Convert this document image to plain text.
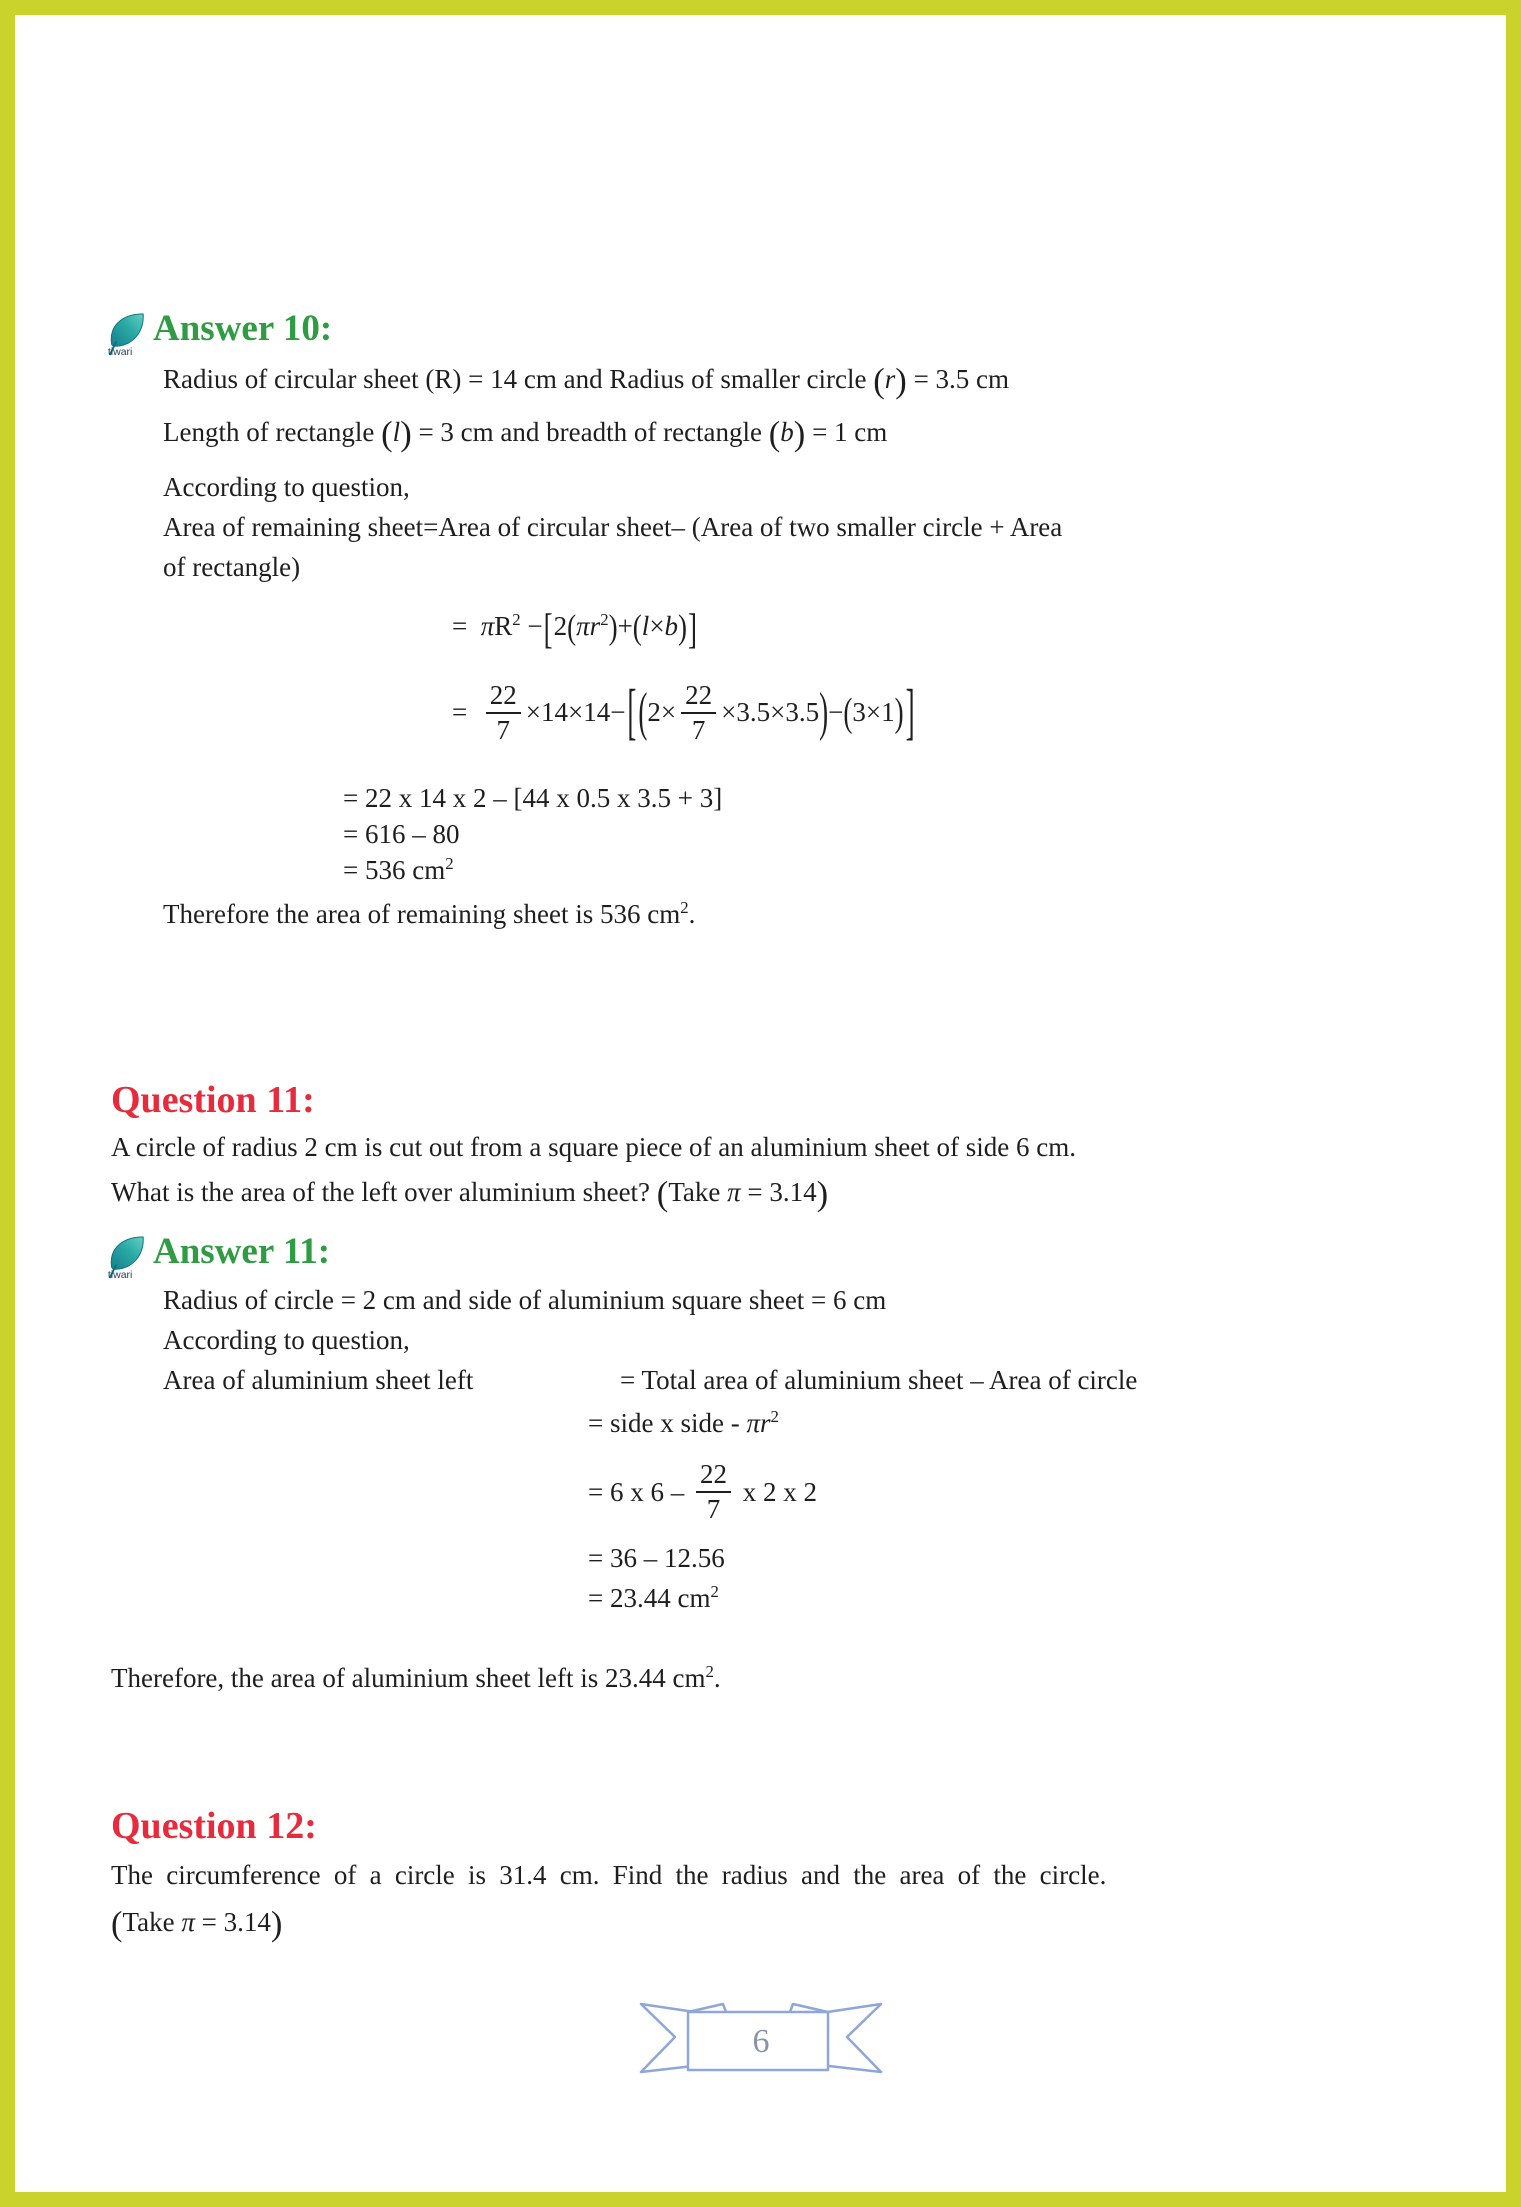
tiwari
Answer 10:
Radius of circular sheet (R) = 14 cm and Radius of smaller circle (r) = 3.5 cm
Length of rectangle (l) = 3 cm and breadth of rectangle (b) = 1 cm
According to question,
Area of remaining sheet=Area of circular sheet– (Area of two smaller circle + Area
of rectangle)
=  $\pi R^2 -[2(\pi r^2)+(l\times b)]$
= $\frac{22}{7} \times 14\times 14-$ [ ( $2\times \frac{22}{7} \times 3.5\times 3.5$ ) − ( 3×1 ) ]
= 22 x 14 x 2 – [44 x 0.5 x 3.5 + 3]
= 616 – 80
= 536 $cm^2$
Therefore the area of remaining sheet is 536 $cm^2$.
Question 11:
A circle of radius 2 cm is cut out from a square piece of an aluminium sheet of side 6 cm.
What is the area of the left over aluminium sheet? (Take π = 3.14)
tiwari
Answer 11:
Radius of circle = 2 cm and side of aluminium square sheet = 6 cm
According to question,
Area of aluminium sheet left	= Total area of aluminium sheet – Area of circle
= side x side - $\pi r^2$
= 6 x $6 - \frac{22}{7}$ x 2 x 2
= 36 – 12.56
= 23.44 $cm^2$
Therefore, the area of aluminium sheet left is 23.44 $cm^2$.
Question 12:
The circumference of a circle is 31.4 cm. Find the radius and the area of the circle.
(Take π = 3.14)
6
